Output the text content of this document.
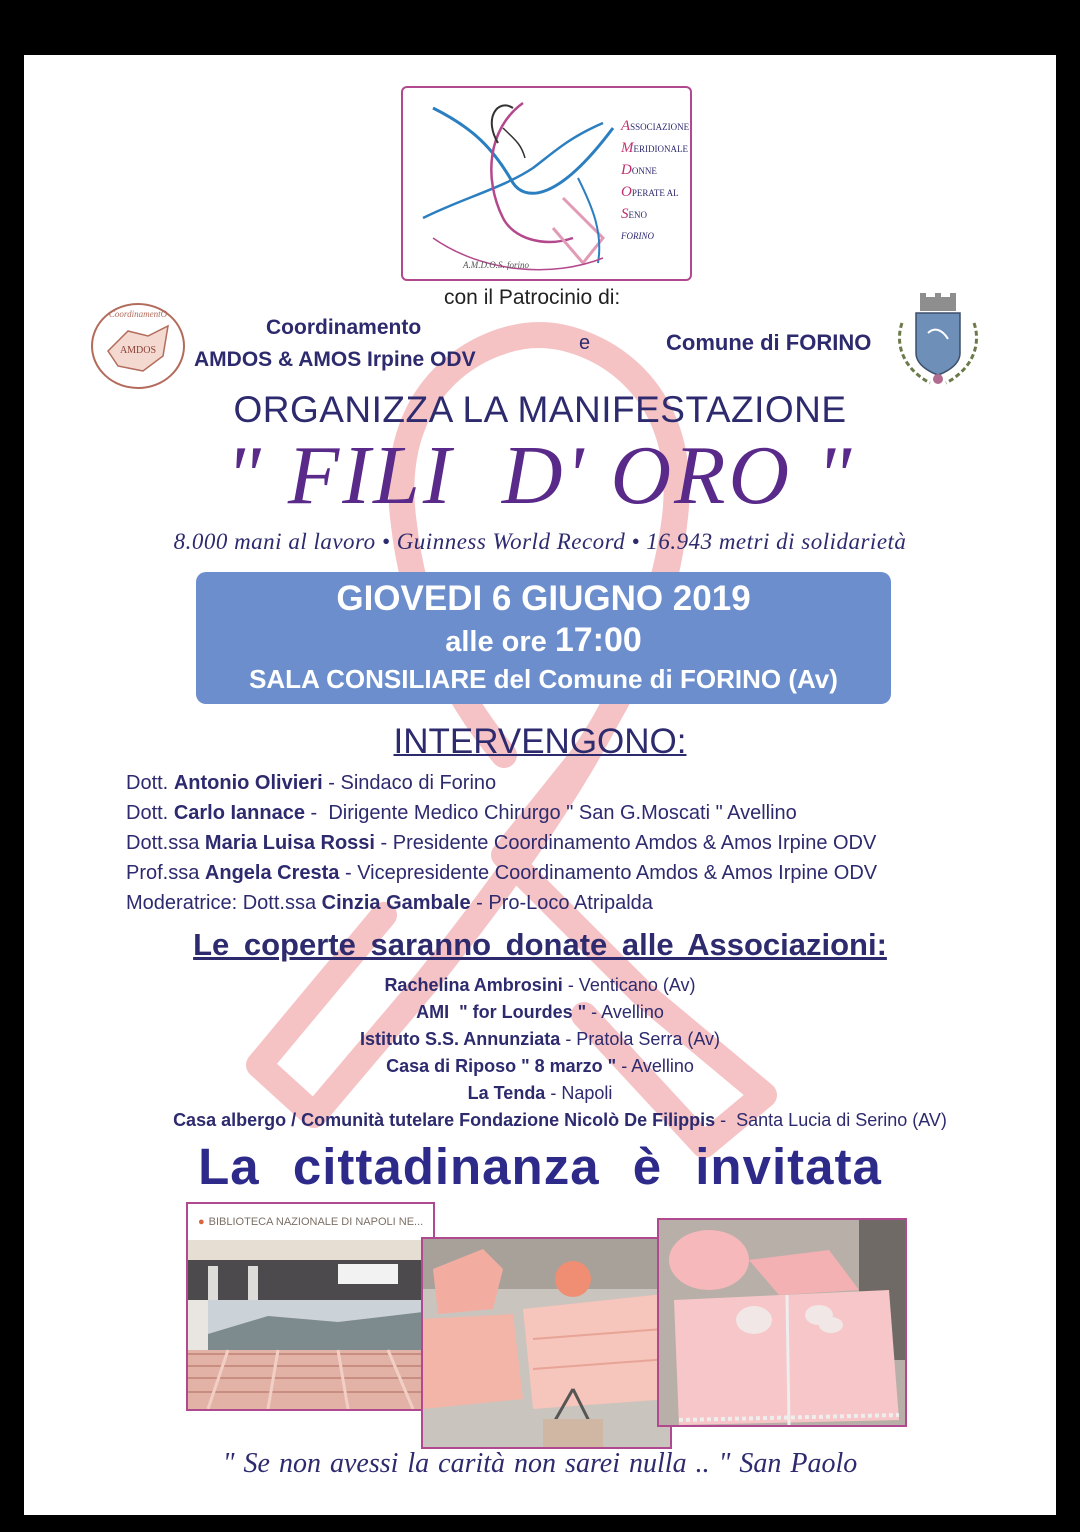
A.M.D.O.S. forino
ASSOCIAZIONE
MERIDIONALE
DONNE
OPERATE AL
SENO
FORINO
con il Patrocinio di:
CoordinamentO
AMDOS
Coordinamento
AMDOS & AMOS Irpine ODV
e	Comune di FORINO
ORGANIZZA LA MANIFESTAZIONE
" FILI  D' ORO "
8.000 mani al lavoro • Guinness World Record • 16.943 metri di solidarietà
GIOVEDI 6 GIUGNO 2019
alle ore 17:00
SALA CONSILIARE del Comune di FORINO (Av)
INTERVENGONO:
Dott. Antonio Olivieri - Sindaco di Forino
Dott. Carlo Iannace -  Dirigente Medico Chirurgo " San G.Moscati " Avellino
Dott.ssa Maria Luisa Rossi - Presidente Coordinamento Amdos & Amos Irpine ODV
Prof.ssa Angela Cresta - Vicepresidente Coordinamento Amdos & Amos Irpine ODV
Moderatrice: Dott.ssa Cinzia Gambale - Pro-Loco Atripalda
Le coperte saranno donate alle Associazioni:
Rachelina Ambrosini - Venticano (Av)
AMI  " for Lourdes " - Avellino
Istituto S.S. Annunziata - Pratola Serra (Av)
Casa di Riposo " 8 marzo " - Avellino
La Tenda - Napoli
Casa albergo / Comunità tutelare Fondazione Nicolò De Filippis -  Santa Lucia di Serino (AV)
La cittadinanza è invitata
● BIBLIOTECA NAZIONALE DI NAPOLI NE...
" Se non avessi la carità non sarei nulla .. " San Paolo
